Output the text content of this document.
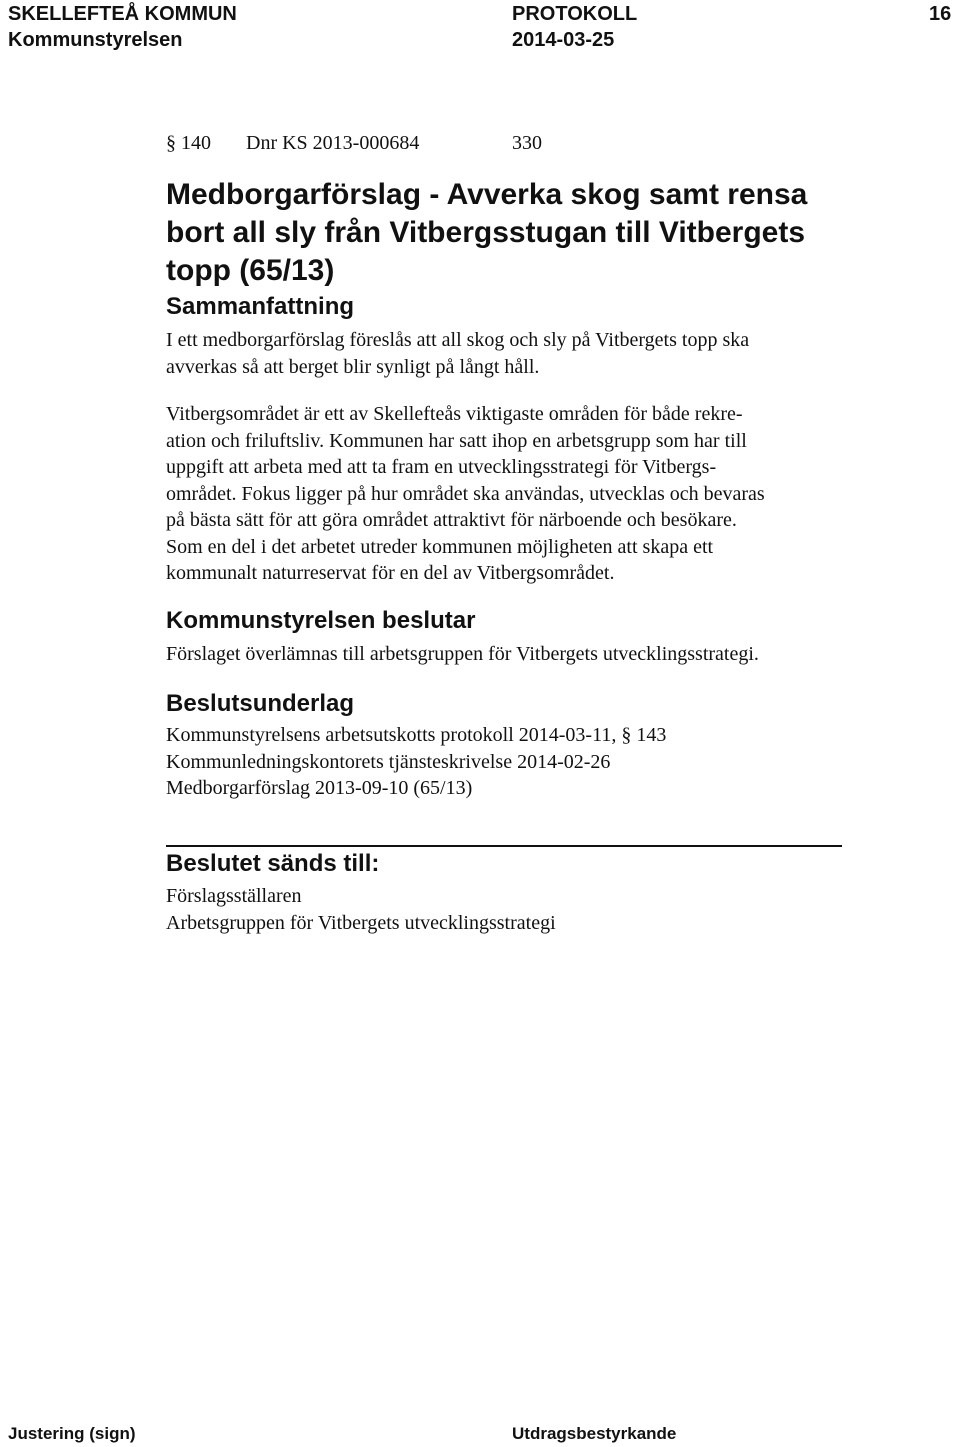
SKELLEFTEÅ KOMMUN	PROTOKOLL	16
Kommunstyrelsen	2014-03-25
§ 140 Dnr KS 2013-000684	330
Medborgarförslag - Avverka skog samt rensa bort all sly från Vitbergsstugan till Vitbergets topp (65/13)
Sammanfattning
I ett medborgarförslag föreslås att all skog och sly på Vitbergets topp ska
avverkas så att berget blir synligt på långt håll.
Vitbergsområdet är ett av Skellefteås viktigaste områden för både rekre-
ation och friluftsliv. Kommunen har satt ihop en arbetsgrupp som har till
uppgift att arbeta med att ta fram en utvecklingsstrategi för Vitbergs-
området. Fokus ligger på hur området ska användas, utvecklas och bevaras
på bästa sätt för att göra området attraktivt för närboende och besökare.
Som en del i det arbetet utreder kommunen möjligheten att skapa ett
kommunalt naturreservat för en del av Vitbergsområdet.
Kommunstyrelsen beslutar
Förslaget överlämnas till arbetsgruppen för Vitbergets utvecklingsstrategi.
Beslutsunderlag
Kommunstyrelsens arbetsutskotts protokoll 2014-03-11, § 143
Kommunledningskontorets tjänsteskrivelse 2014-02-26
Medborgarförslag 2013-09-10 (65/13)
Beslutet sänds till:
Förslagsställaren
Arbetsgruppen för Vitbergets utvecklingsstrategi
Justering (sign)	Utdragsbestyrkande
